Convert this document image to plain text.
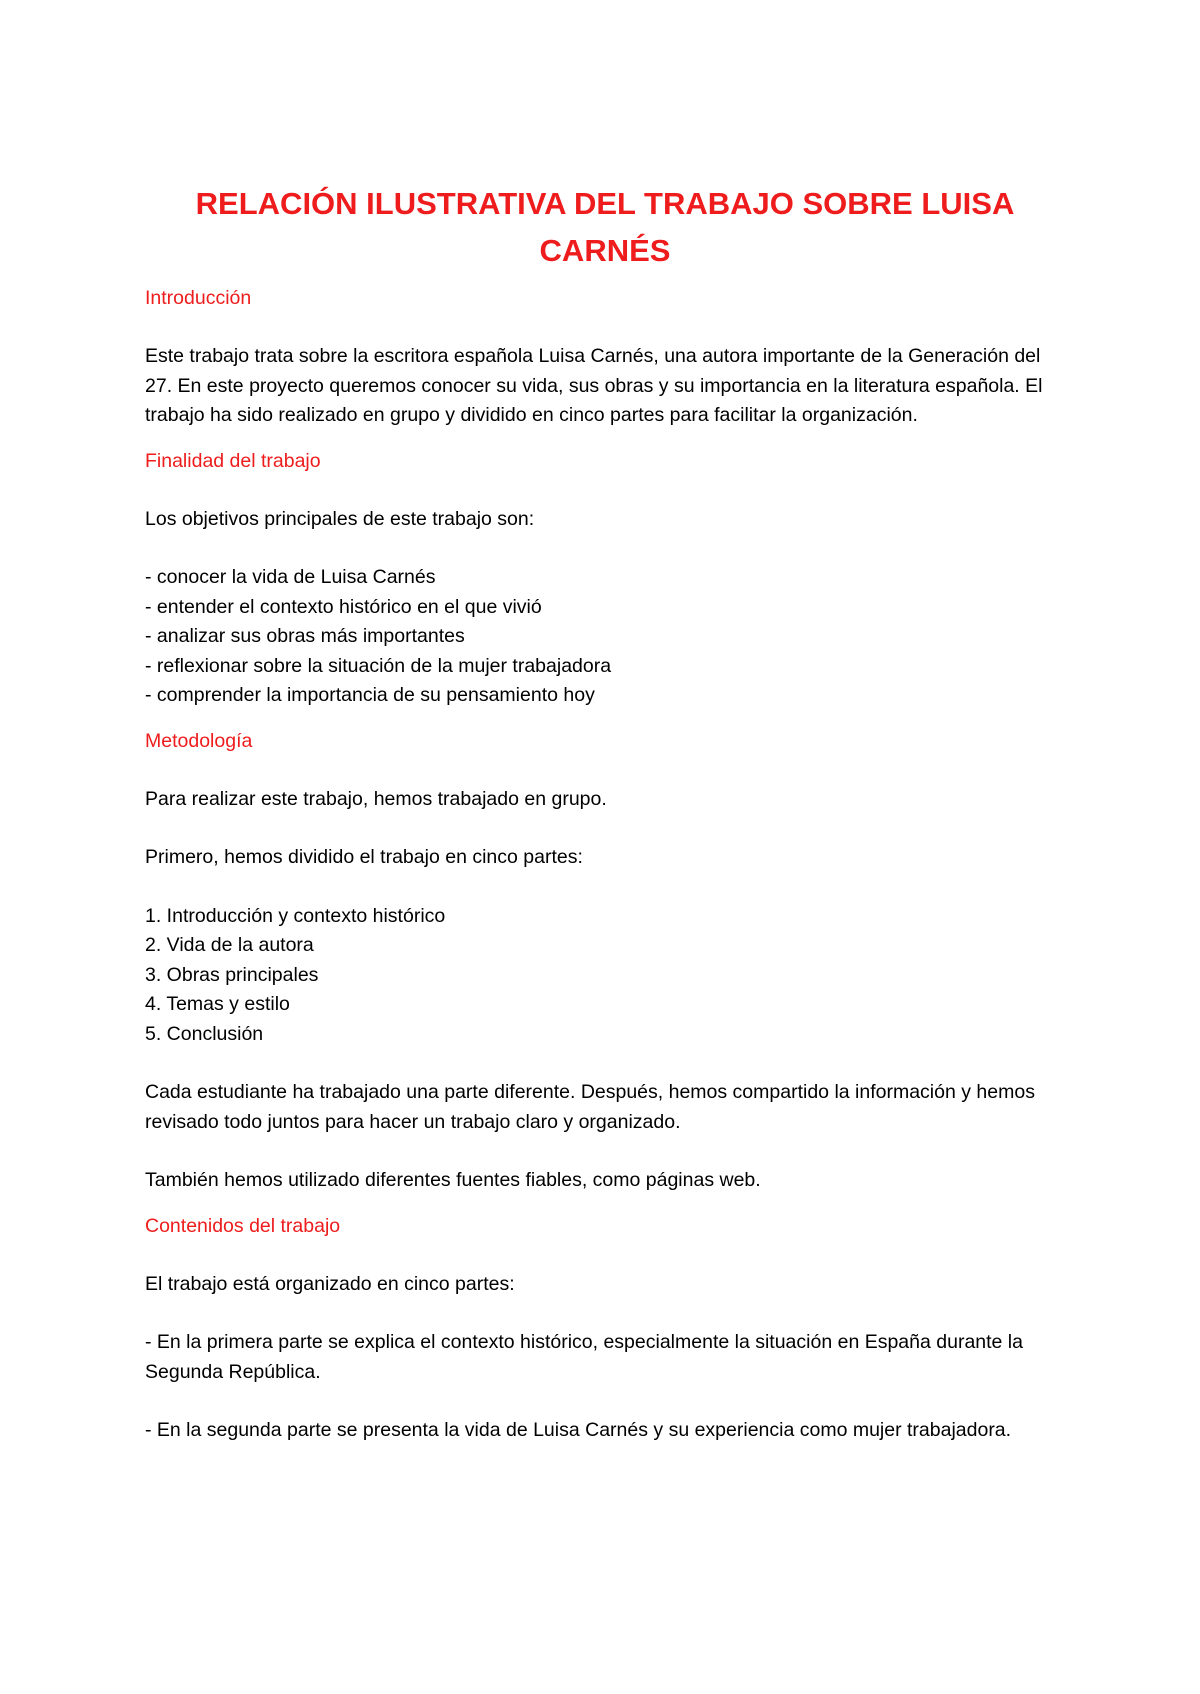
RELACIÓN ILUSTRATIVA DEL TRABAJO SOBRE LUISA CARNÉS
Introducción

Este trabajo trata sobre la escritora española Luisa Carnés, una autora importante de la Generación del 27. En este proyecto queremos conocer su vida, sus obras y su importancia en la literatura española. El trabajo ha sido realizado en grupo y dividido en cinco partes para facilitar la organización.

Finalidad del trabajo

Los objetivos principales de este trabajo son:

- conocer la vida de Luisa Carnés
- entender el contexto histórico en el que vivió
- analizar sus obras más importantes
- reflexionar sobre la situación de la mujer trabajadora
- comprender la importancia de su pensamiento hoy
Metodología

Para realizar este trabajo, hemos trabajado en grupo.

Primero, hemos dividido el trabajo en cinco partes:

1. Introducción y contexto histórico
2. Vida de la autora
3. Obras principales
4. Temas y estilo
5. Conclusión

Cada estudiante ha trabajado una parte diferente. Después, hemos compartido la información y hemos revisado todo juntos para hacer un trabajo claro y organizado.

También hemos utilizado diferentes fuentes fiables, como páginas web.

Contenidos del trabajo

El trabajo está organizado en cinco partes:

- En la primera parte se explica el contexto histórico, especialmente la situación en España durante la Segunda República.

- En la segunda parte se presenta la vida de Luisa Carnés y su experiencia como mujer trabajadora.
